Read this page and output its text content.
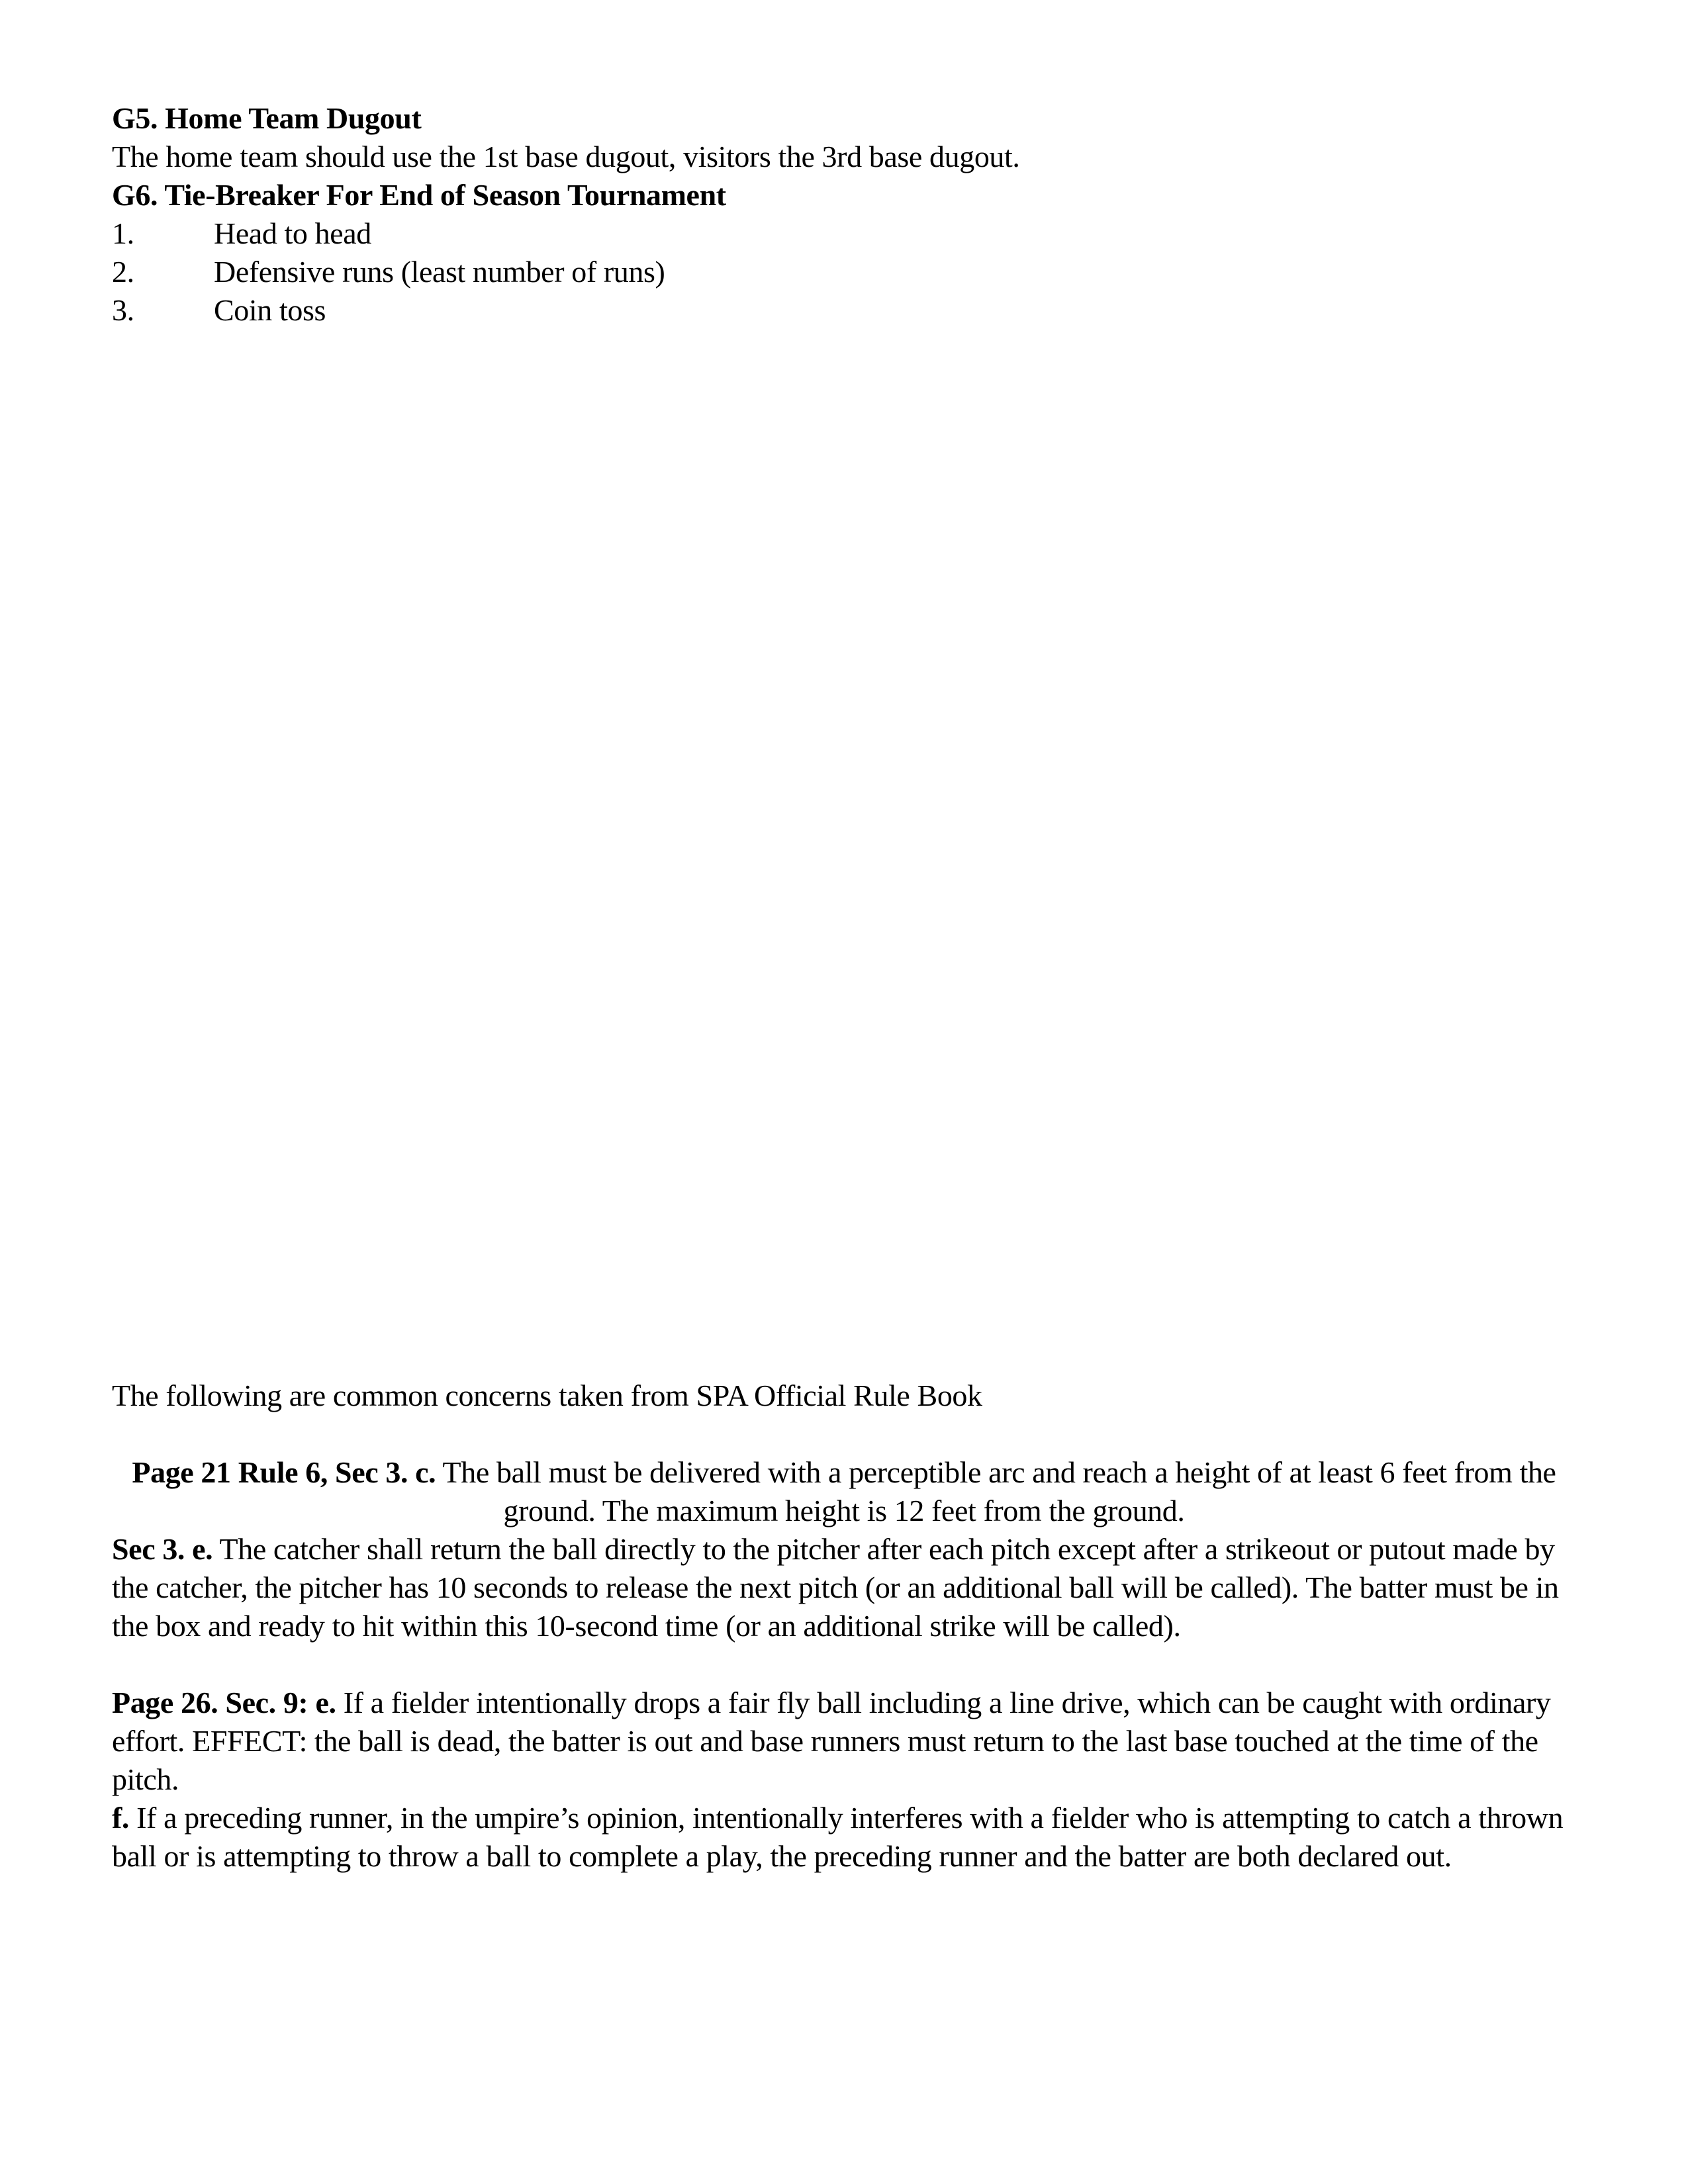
G5. Home Team Dugout

The home team should use the 1st base dugout, visitors the 3rd base dugout.

G6. Tie-Breaker For End of Season Tournament

1.	Head to head
2.	Defensive runs (least number of runs)
3.	Coin toss

The following are common concerns taken from SPA Official Rule Book

Page 21 Rule 6, Sec 3. c. The ball must be delivered with a perceptible arc and reach a height of at least 6 feet from the ground. The maximum height is 12 feet from the ground.

Sec 3. e. The catcher shall return the ball directly to the pitcher after each pitch except after a strikeout or putout made by the catcher, the pitcher has 10 seconds to release the next pitch (or an additional ball will be called). The batter must be in the box and ready to hit within this 10-second time (or an additional strike will be called).

Page 26. Sec. 9: e. If a fielder intentionally drops a fair fly ball including a line drive, which can be caught with ordinary effort. EFFECT: the ball is dead, the batter is out and base runners must return to the last base touched at the time of the pitch.

f. If a preceding runner, in the umpire’s opinion, intentionally interferes with a fielder who is attempting to catch a thrown ball or is attempting to throw a ball to complete a play, the preceding runner and the batter are both declared out.
